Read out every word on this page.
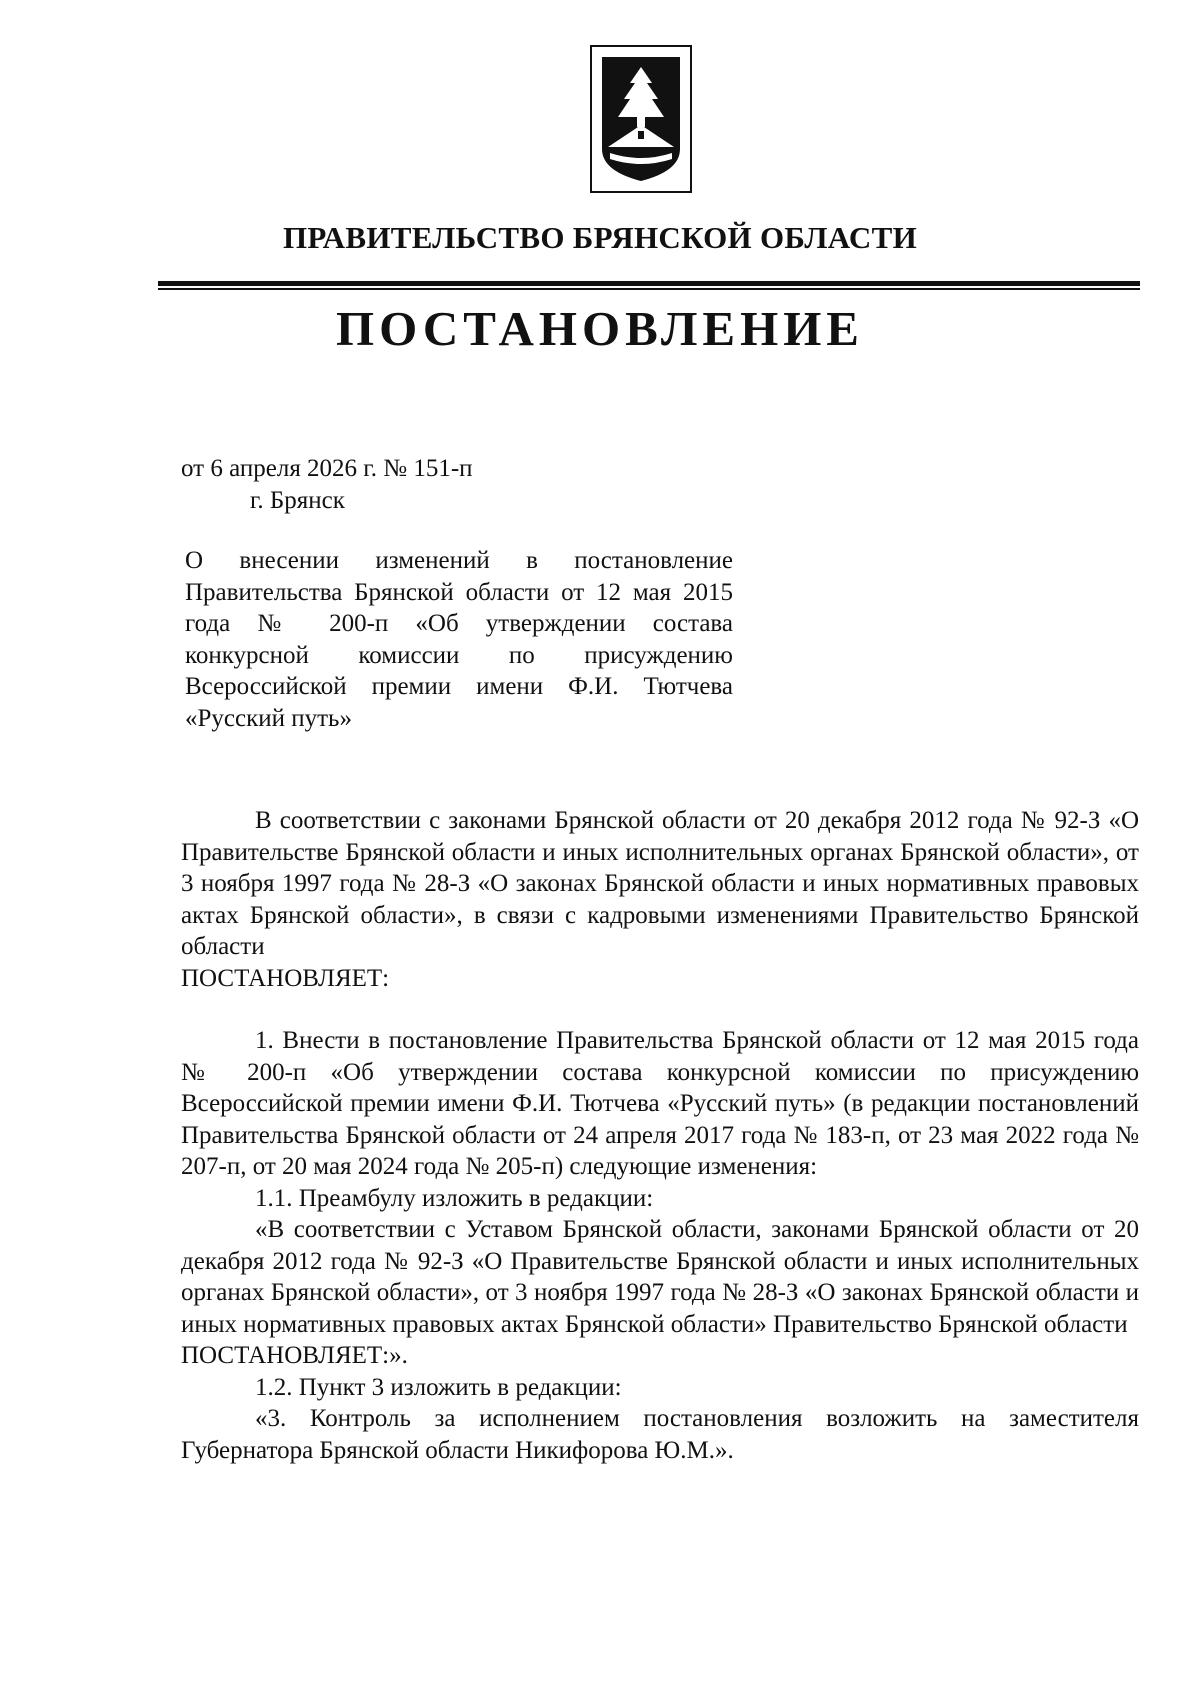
ПРАВИТЕЛЬСТВО БРЯНСКОЙ ОБЛАСТИ
ПОСТАНОВЛЕНИЕ
от 6 апреля 2026 г. № 151-п
г. Брянск
О внесении изменений в постановление Правительства Брянской области от 12 мая 2015 года № 200-п «Об утверждении состава конкурсной комиссии по присуждению Всероссийской премии имени Ф.И. Тютчева «Русский путь»

В соответствии с законами Брянской области от 20 декабря 2012 года № 92-З «О Правительстве Брянской области и иных исполнительных органах Брянской области», от 3 ноября 1997 года № 28-З «О законах Брянской области и иных нормативных правовых актах Брянской области», в связи с кадровыми изменениями Правительство Брянской области

ПОСТАНОВЛЯЕТ:

1. Внести в постановление Правительства Брянской области от 12 мая 2015 года № 200-п «Об утверждении состава конкурсной комиссии по присуждению Всероссийской премии имени Ф.И. Тютчева «Русский путь» (в редакции постановлений Правительства Брянской области от 24 апреля 2017 года № 183-п, от 23 мая 2022 года № 207-п, от 20 мая 2024 года № 205-п) следующие изменения:

1.1. Преамбулу изложить в редакции:

«В соответствии с Уставом Брянской области, законами Брянской области от 20 декабря 2012 года № 92-З «О Правительстве Брянской области и иных исполнительных органах Брянской области», от 3 ноября 1997 года № 28-З «О законах Брянской области и иных нормативных правовых актах Брянской области» Правительство Брянской области

ПОСТАНОВЛЯЕТ:».

1.2. Пункт 3 изложить в редакции:

«3. Контроль за исполнением постановления возложить на заместителя Губернатора Брянской области Никифорова Ю.М.».
